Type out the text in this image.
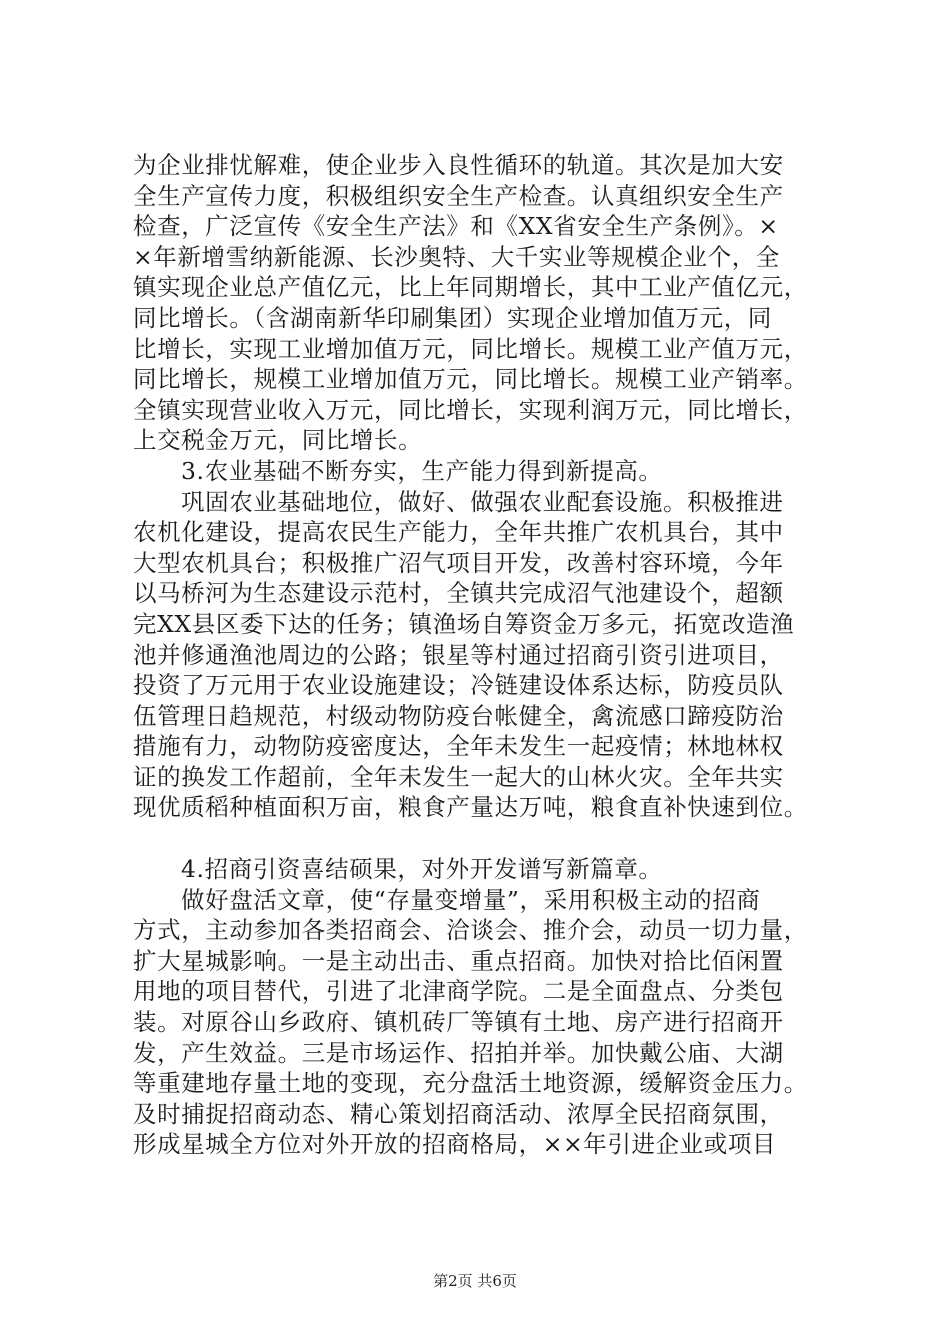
为企业排忧解难，使企业步入良性循环的轨道。其次是加大安
全生产宣传力度，积极组织安全生产检查。认真组织安全生产
检查，广泛宣传《安全生产法》和《XX省安全生产条例》。×
×年新增雪纳新能源、长沙奥特、大千实业等规模企业个，全
镇实现企业总产值亿元，比上年同期增长，其中工业产值亿元，
同比增长。（含湖南新华印刷集团）实现企业增加值万元，同
比增长，实现工业增加值万元，同比增长。规模工业产值万元，
同比增长，规模工业增加值万元，同比增长。规模工业产销率。
全镇实现营业收入万元，同比增长，实现利润万元，同比增长，
上交税金万元，同比增长。
3.农业基础不断夯实，生产能力得到新提高。
巩固农业基础地位，做好、做强农业配套设施。积极推进
农机化建设，提高农民生产能力，全年共推广农机具台，其中
大型农机具台；积极推广沼气项目开发，改善村容环境，今年
以马桥河为生态建设示范村，全镇共完成沼气池建设个，超额
完XX县区委下达的任务；镇渔场自筹资金万多元，拓宽改造渔
池并修通渔池周边的公路；银星等村通过招商引资引进项目，
投资了万元用于农业设施建设；冷链建设体系达标，防疫员队
伍管理日趋规范，村级动物防疫台帐健全，禽流感口蹄疫防治
措施有力，动物防疫密度达，全年未发生一起疫情；林地林权
证的换发工作超前，全年未发生一起大的山林火灾。全年共实
现优质稻种植面积万亩，粮食产量达万吨，粮食直补快速到位。
4.招商引资喜结硕果，对外开发谱写新篇章。
做好盘活文章，使“存量变增量”，采用积极主动的招商
方式，主动参加各类招商会、洽谈会、推介会，动员一切力量，
扩大星城影响。一是主动出击、重点招商。加快对拾比佰闲置
用地的项目替代，引进了北津商学院。二是全面盘点、分类包
装。对原谷山乡政府、镇机砖厂等镇有土地、房产进行招商开
发，产生效益。三是市场运作、招拍并举。加快戴公庙、大湖
等重建地存量土地的变现，充分盘活土地资源，缓解资金压力。
及时捕捉招商动态、精心策划招商活动、浓厚全民招商氛围，
形成星城全方位对外开放的招商格局，××年引进企业或项目
第2页 共6页
